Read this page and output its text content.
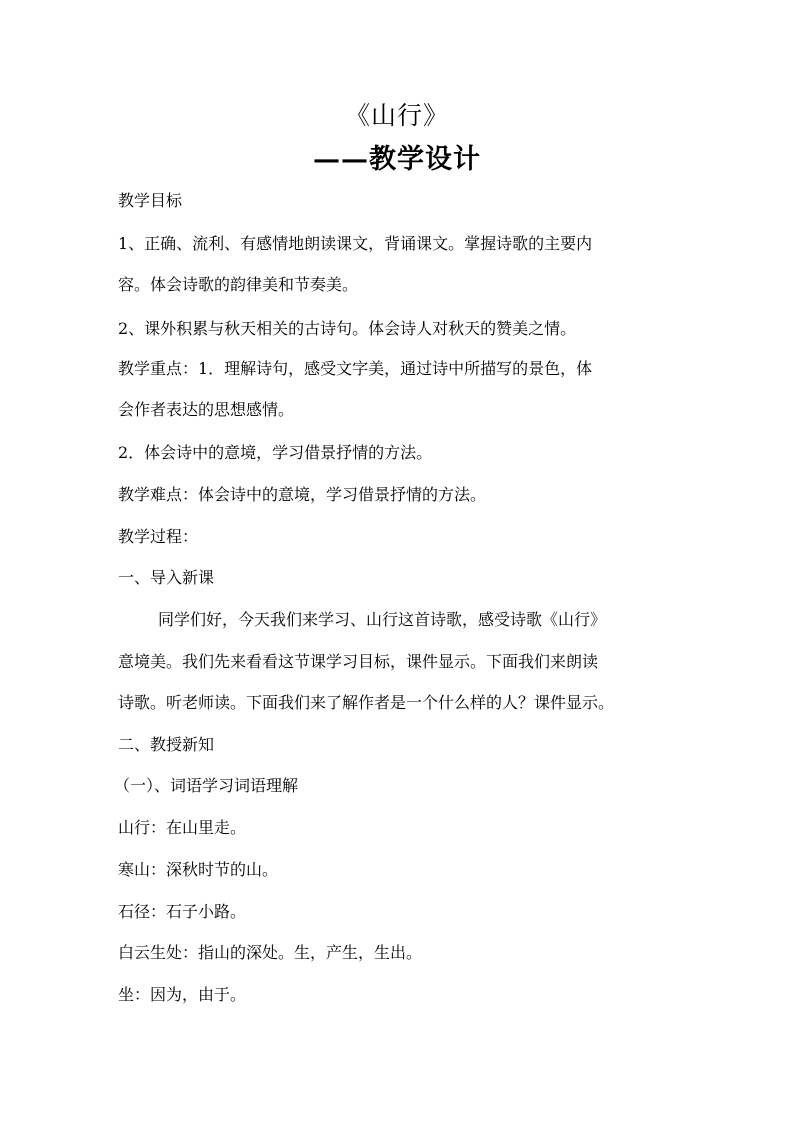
《山行》
——教学设计
教学目标
1、正确、流利、有感情地朗读课文，背诵课文。掌握诗歌的主要内
容。体会诗歌的韵律美和节奏美。
2、课外积累与秋天相关的古诗句。体会诗人对秋天的赞美之情。
教学重点：1．理解诗句，感受文字美，通过诗中所描写的景色，体
会作者表达的思想感情。
2．体会诗中的意境，学习借景抒情的方法。
教学难点：体会诗中的意境，学习借景抒情的方法。
教学过程：
一、导入新课
同学们好，今天我们来学习、山行这首诗歌，感受诗歌《山行》
意境美。我们先来看看这节课学习目标，课件显示。下面我们来朗读
诗歌。听老师读。下面我们来了解作者是一个什么样的人？课件显示。
二、教授新知
（一）、词语学习词语理解
山行：在山里走。
寒山：深秋时节的山。
石径：石子小路。
白云生处：指山的深处。生，产生，生出。
坐：因为，由于。
